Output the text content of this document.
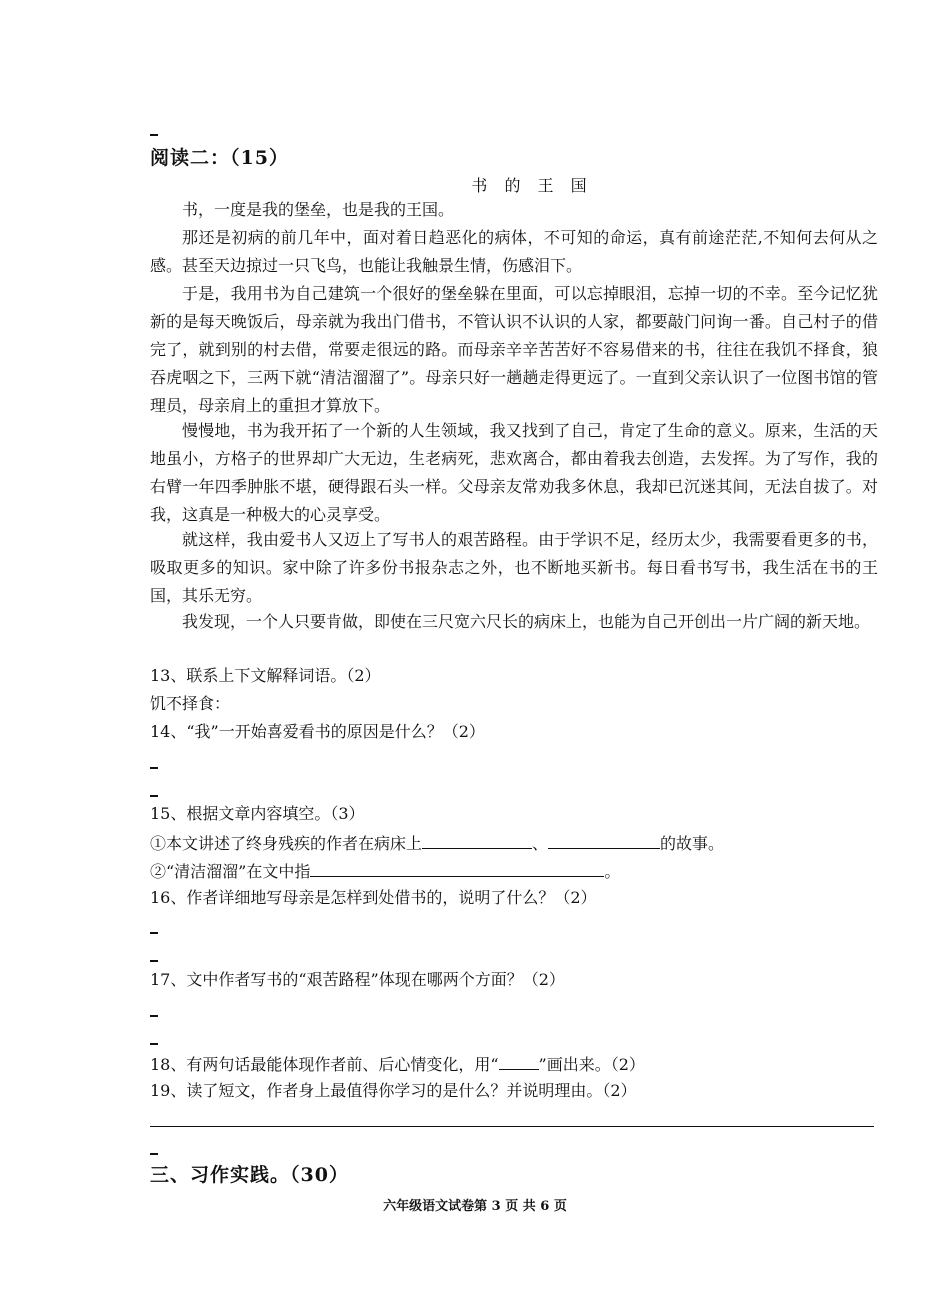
阅读二：（15）
书 的 王 国

书，一度是我的堡垒，也是我的王国。

那还是初病的前几年中，面对着日趋恶化的病体，不可知的命运，真有前途茫茫,不知何去何从之感。甚至天边掠过一只飞鸟，也能让我触景生情，伤感泪下。

于是，我用书为自己建筑一个很好的堡垒躲在里面，可以忘掉眼泪，忘掉一切的不幸。至今记忆犹新的是每天晚饭后，母亲就为我出门借书，不管认识不认识的人家，都要敲门问询一番。自己村子的借完了，就到别的村去借，常要走很远的路。而母亲辛辛苦苦好不容易借来的书，往往在我饥不择食，狼吞虎咽之下，三两下就“清洁溜溜了”。母亲只好一趟趟走得更远了。一直到父亲认识了一位图书馆的管理员，母亲肩上的重担才算放下。

慢慢地，书为我开拓了一个新的人生领域，我又找到了自己，肯定了生命的意义。原来，生活的天地虽小，方格子的世界却广大无边，生老病死，悲欢离合，都由着我去创造，去发挥。为了写作，我的右臂一年四季肿胀不堪，硬得跟石头一样。父母亲友常劝我多休息，我却已沉迷其间，无法自拔了。对我，这真是一种极大的心灵享受。

就这样，我由爱书人又迈上了写书人的艰苦路程。由于学识不足，经历太少，我需要看更多的书，吸取更多的知识。家中除了许多份书报杂志之外，也不断地买新书。每日看书写书，我生活在书的王国，其乐无穷。

我发现，一个人只要肯做，即使在三尺宽六尺长的病床上，也能为自己开创出一片广阔的新天地。

13、联系上下文解释词语。（2）
饥不择食：
14、“我”一开始喜爱看书的原因是什么？（2）
15、根据文章内容填空。（3）
①本文讲述了终身残疾的作者在病床上	、	的故事。
②“清洁溜溜”在文中指	。
16、作者详细地写母亲是怎样到处借书的，说明了什么？（2）
17、文中作者写书的“艰苦路程”体现在哪两个方面？（2）
18、有两句话最能体现作者前、后心情变化，用“	”画出来。（2）
19、读了短文，作者身上最值得你学习的是什么？并说明理由。（2）
三、习作实践。（30）
六年级语文试卷第 3 页 共 6 页
